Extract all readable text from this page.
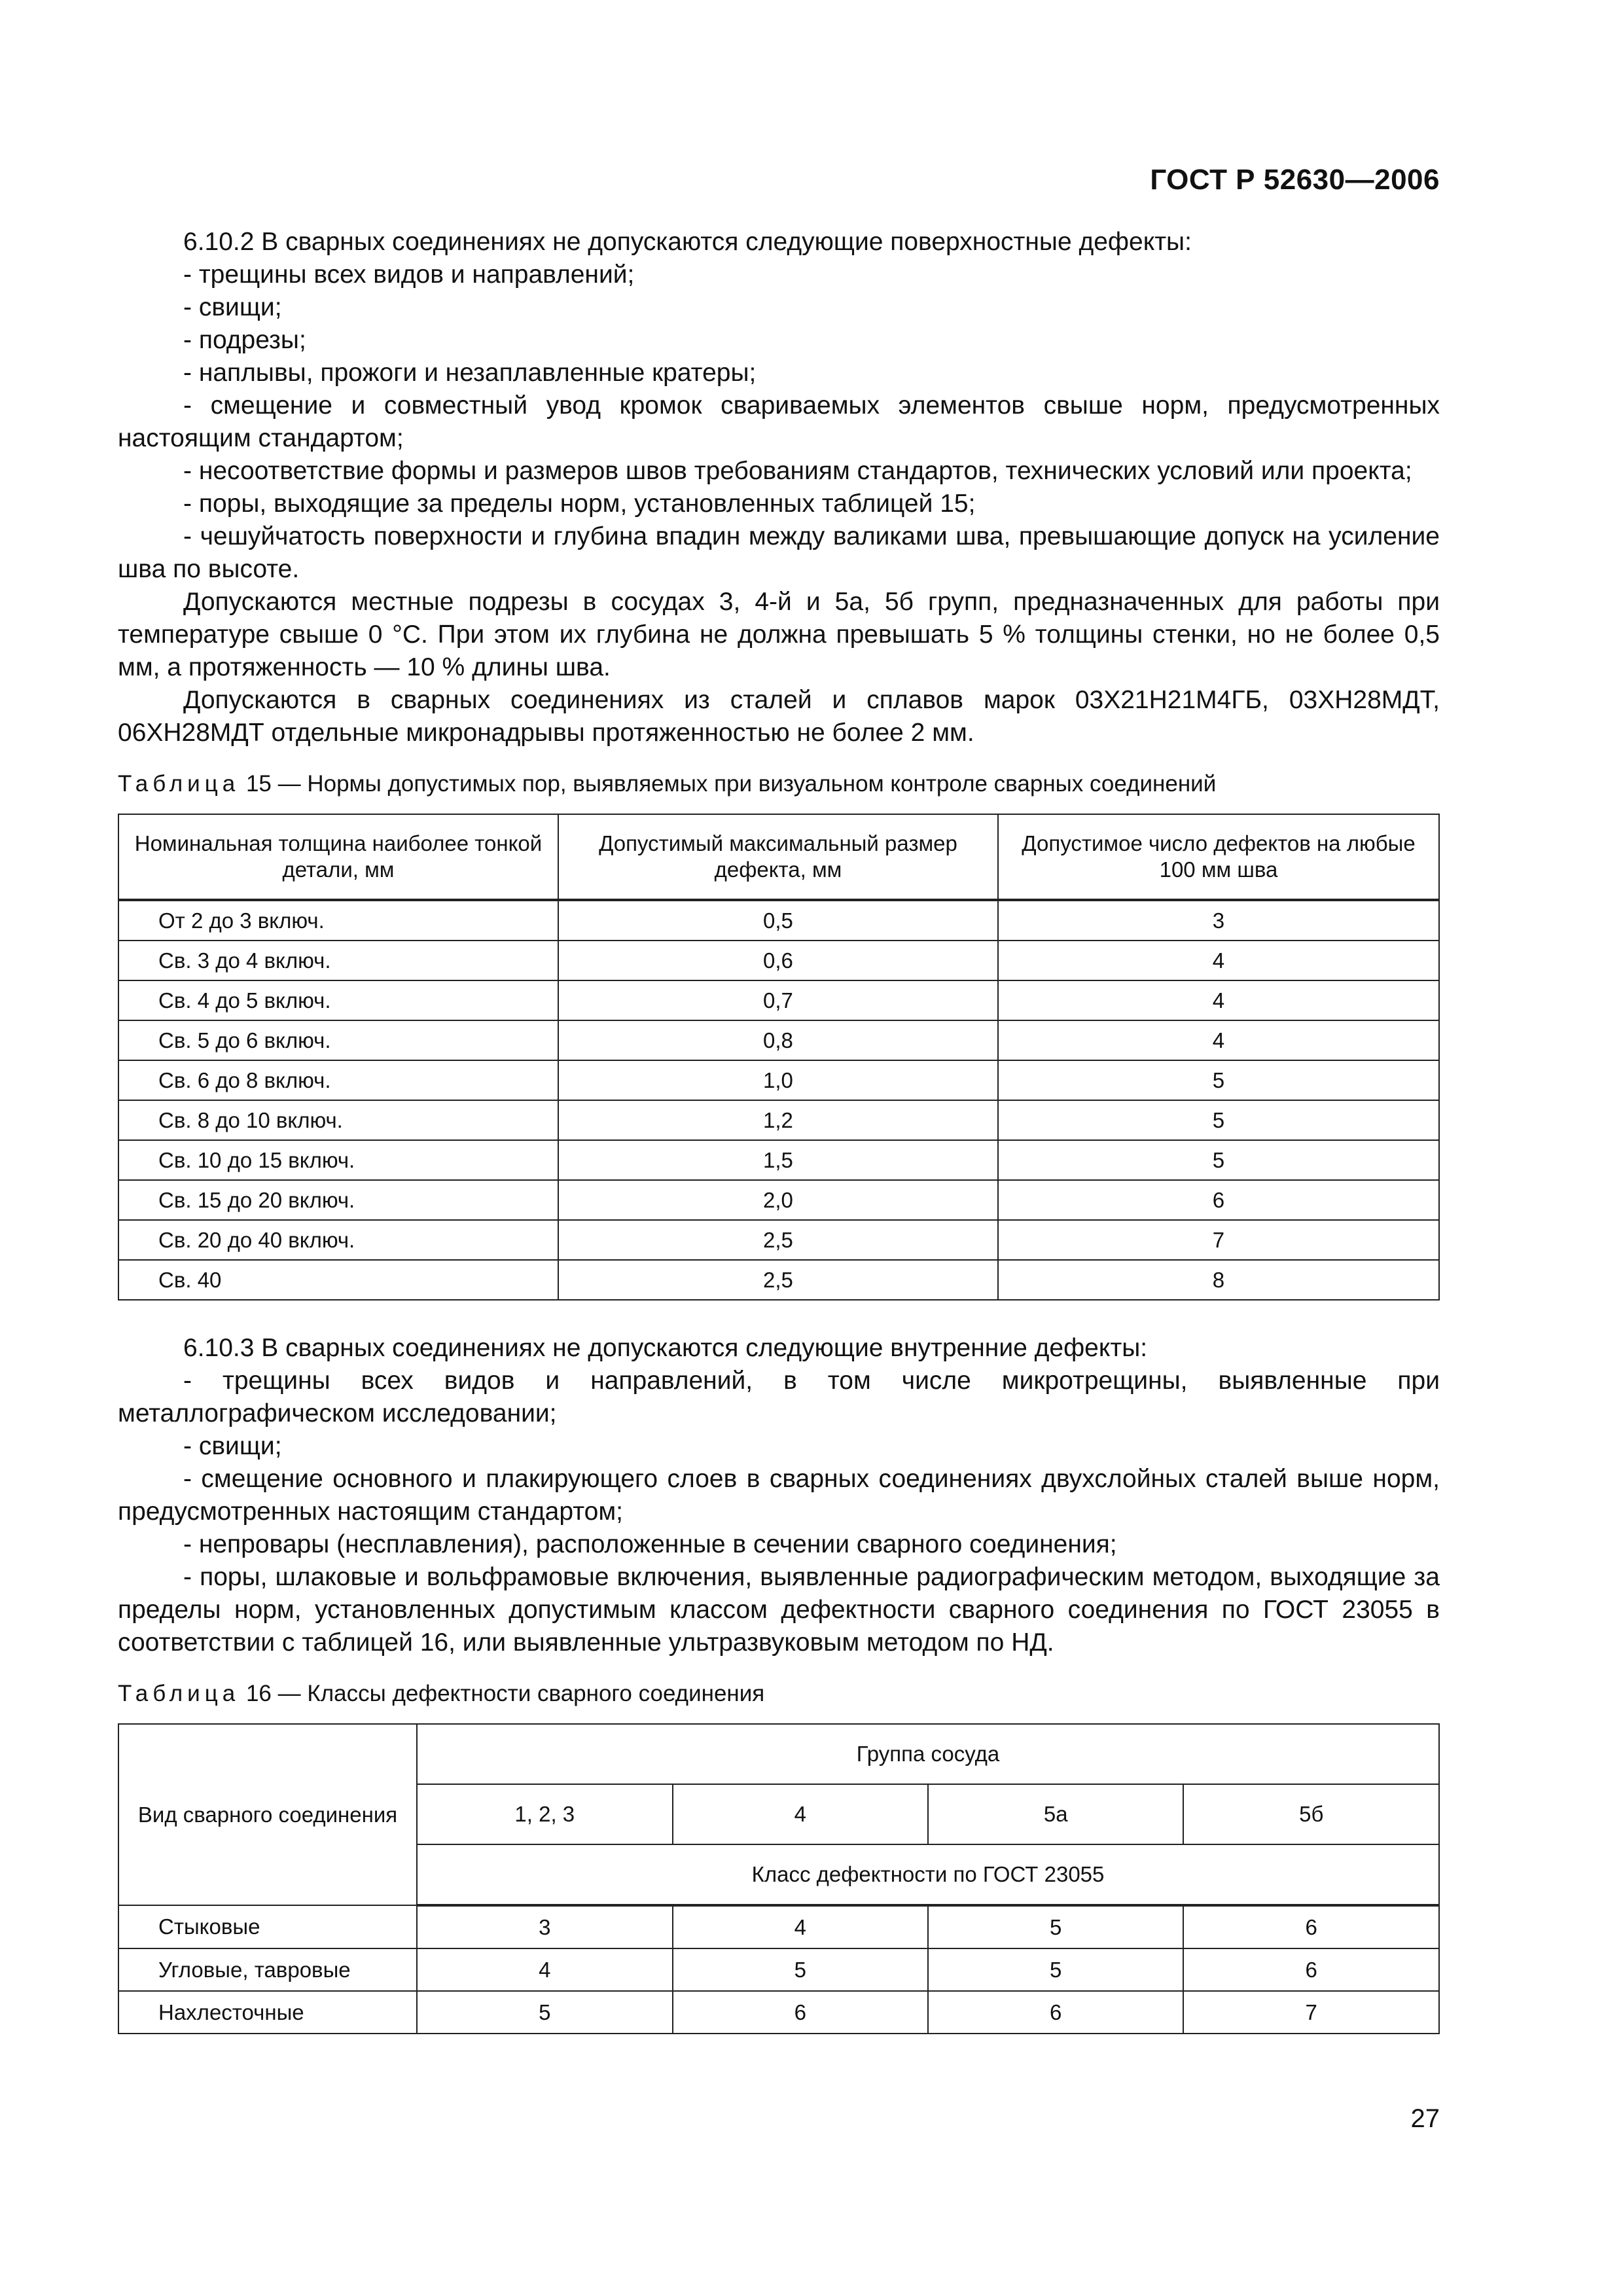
ГОСТ Р 52630—2006

6.10.2 В сварных соединениях не допускаются следующие поверхностные дефекты:

- трещины всех видов и направлений;

- свищи;

- подрезы;

- наплывы, прожоги и незаплавленные кратеры;

- смещение и совместный увод кромок свариваемых элементов свыше норм, предусмотренных настоящим стандартом;

- несоответствие формы и размеров швов требованиям стандартов, технических условий или проекта;

- поры, выходящие за пределы норм, установленных таблицей 15;

- чешуйчатость поверхности и глубина впадин между валиками шва, превышающие допуск на усиление шва по высоте.

Допускаются местные подрезы в сосудах 3, 4-й и 5а, 5б групп, предназначенных для работы при температуре свыше 0 °С. При этом их глубина не должна превышать 5 % толщины стенки, но не более 0,5 мм, а протяженность — 10 % длины шва.

Допускаются в сварных соединениях из сталей и сплавов марок 03Х21Н21М4ГБ, 03ХН28МДТ, 06ХН28МДТ отдельные микронадрывы протяженностью не более 2 мм.

Таблица 15 — Нормы допустимых пор, выявляемых при визуальном контроле сварных соединений
Номинальная толщина наиболее тонкой детали, мм	Допустимый максимальный размер дефекта, мм	Допустимое число дефектов на любые 100 мм шва
От 2 до 3 включ.	0,5	3
Св. 3 до 4 включ.	0,6	4
Св. 4 до 5 включ.	0,7	4
Св. 5 до 6 включ.	0,8	4
Св. 6 до 8 включ.	1,0	5
Св. 8 до 10 включ.	1,2	5
Св. 10 до 15 включ.	1,5	5
Св. 15 до 20 включ.	2,0	6
Св. 20 до 40 включ.	2,5	7
Св. 40	2,5	8

6.10.3 В сварных соединениях не допускаются следующие внутренние дефекты:

- трещины всех видов и направлений, в том числе микротрещины, выявленные при металлографическом исследовании;

- свищи;

- смещение основного и плакирующего слоев в сварных соединениях двухслойных сталей выше норм, предусмотренных настоящим стандартом;

- непровары (несплавления), расположенные в сечении сварного соединения;

- поры, шлаковые и вольфрамовые включения, выявленные радиографическим методом, выходящие за пределы норм, установленных допустимым классом дефектности сварного соединения по ГОСТ 23055 в соответствии с таблицей 16, или выявленные ультразвуковым методом по НД.

Таблица 16 — Классы дефектности сварного соединения
Вид сварного соединения	Группа сосуда			
	1, 2, 3	4	5а	5б
	Класс дефектности по ГОСТ 23055			
Стыковые	3	4	5	6
Угловые, тавровые	4	5	5	6
Нахлесточные	5	6	6	7
27
